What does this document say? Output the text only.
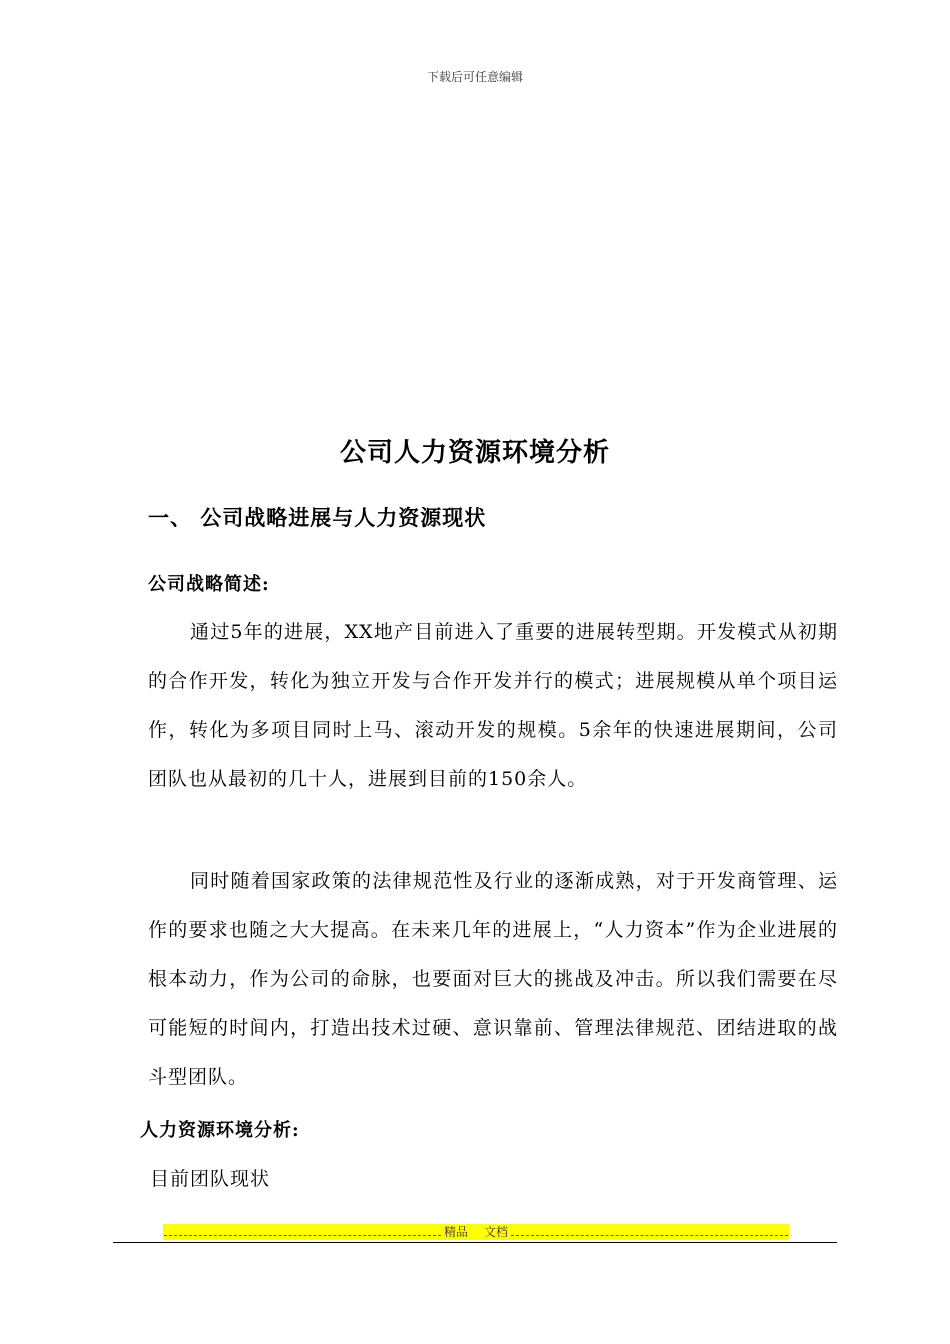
下载后可任意编辑
公司人力资源环境分析
一、 公司战略进展与人力资源现状
公司战略简述:
通过5年的进展，XX地产目前进入了重要的进展转型期。开发模式从初期的合作开发，转化为独立开发与合作开发并行的模式；进展规模从单个项目运作，转化为多项目同时上马、滚动开发的规模。5余年的快速进展期间，公司团队也从最初的几十人，进展到目前的150余人。
同时随着国家政策的法律规范性及行业的逐渐成熟，对于开发商管理、运作的要求也随之大大提高。在未来几年的进展上，“人力资本”作为企业进展的根本动力，作为公司的命脉，也要面对巨大的挑战及冲击。所以我们需要在尽可能短的时间内，打造出技术过硬、意识靠前、管理法律规范、团结进取的战斗型团队。
人力资源环境分析:
目前团队现状
精品	文档
